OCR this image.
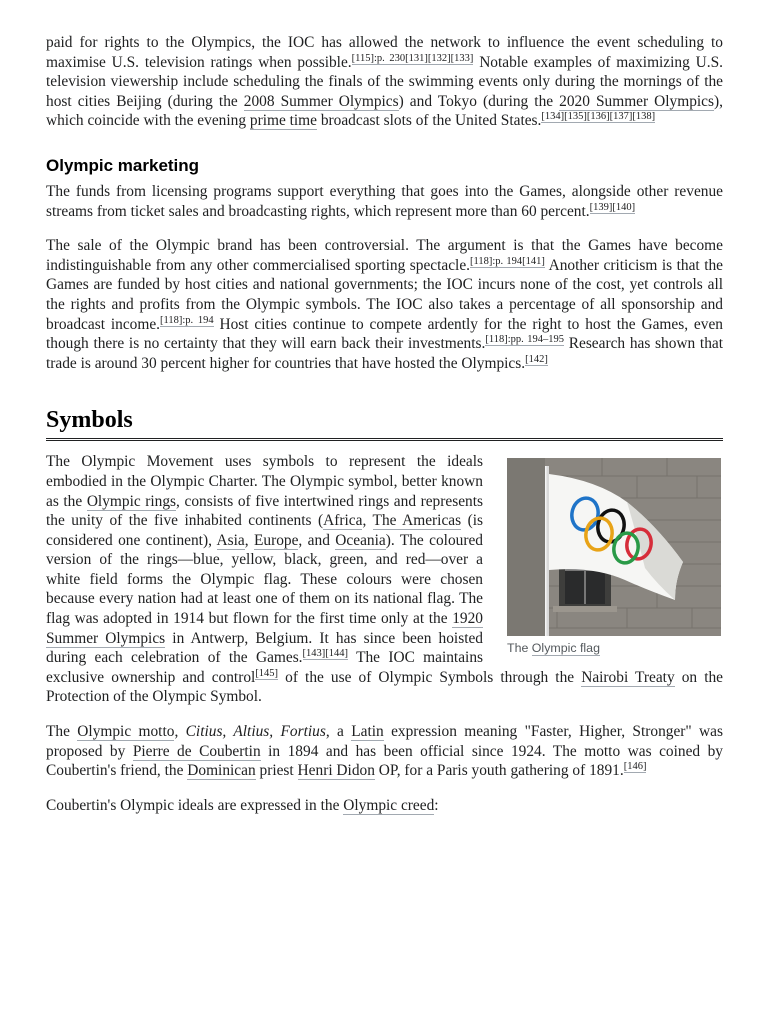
paid for rights to the Olympics, the IOC has allowed the network to influence the event scheduling to maximise U.S. television ratings when possible.[115]:p. 230[131][132][133] Notable examples of maximizing U.S. television viewership include scheduling the finals of the swimming events only during the mornings of the host cities Beijing (during the 2008 Summer Olympics) and Tokyo (during the 2020 Summer Olympics), which coincide with the evening prime time broadcast slots of the United States.[134][135][136][137][138]

Olympic marketing

The funds from licensing programs support everything that goes into the Games, alongside other revenue streams from ticket sales and broadcasting rights, which represent more than 60 percent.[139][140]

The sale of the Olympic brand has been controversial. The argument is that the Games have become indistinguishable from any other commercialised sporting spectacle.[118]:p. 194[141] Another criticism is that the Games are funded by host cities and national governments; the IOC incurs none of the cost, yet controls all the rights and profits from the Olympic symbols. The IOC also takes a percentage of all sponsorship and broadcast income.$^{[118]:p. 194}$ Host cities continue to compete ardently for the right to host the Games, even though there is no certainty that they will earn back their investments.$^{[118]:pp. 194-195}$ Research has shown that trade is around 30 percent higher for countries that have hosted the Olympics.[142]

Symbols
The Olympic flag

The Olympic Movement uses symbols to represent the ideals embodied in the Olympic Charter. The Olympic symbol, better known as the Olympic rings, consists of five intertwined rings and represents the unity of the five inhabited continents (Africa, The Americas (is considered one continent), Asia, Europe, and Oceania). The coloured version of the rings—blue, yellow, black, green, and red—over a white field forms the Olympic flag. These colours were chosen because every nation had at least one of them on its national flag. The flag was adopted in 1914 but flown for the first time only at the 1920 Summer Olympics in Antwerp, Belgium. It has since been hoisted during each celebration of the Games.[143][144] The IOC maintains exclusive ownership and control[145] of the use of Olympic Symbols through the Nairobi Treaty on the Protection of the Olympic Symbol.

The Olympic motto, Citius, Altius, Fortius, a Latin expression meaning "Faster, Higher, Stronger" was proposed by Pierre de Coubertin in 1894 and has been official since 1924. The motto was coined by Coubertin's friend, the Dominican priest Henri Didon OP, for a Paris youth gathering of 1891.[146]

Coubertin's Olympic ideals are expressed in the Olympic creed:
